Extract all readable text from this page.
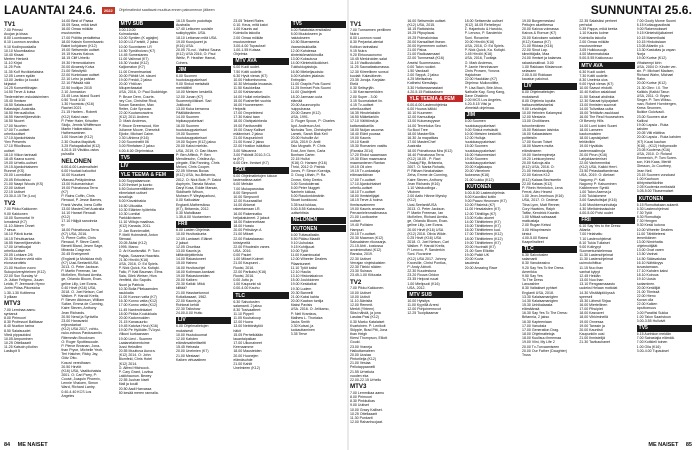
LAUANTAI 24.6.	2022	Ohjelmatiedot saattavat muuttua ennen painomenon jälkeen
TV1
7.00 Prinssi
Avojan ja kissa
8.00 Luontoaamu
8.10 Luonnon arvoitus
9.10 Kodinpuuskalla
10.10 Muumilaakso
10.40 Kissat
Merten Henkeä
11.10 Kirjat
11.25 Pois
11.35 Kolf Huvikkelaisina
12.05 Lumen sydän
13.00 Jarkko ja kuulut
kirjastot
14.25 Konserttiinajan
14.50 Terve & kutsa
Tiedemiehen eskolaisiminen
15.40 Ihmisen
16.50 Salaisuudet
Kalastajat. Australia.
16.50 Heroualloitus
16.55 Hamerlijkeevikiin
16.50 Nuoret
17.00 Nuorten
17.00 Tv-uutiset
urheiluuutiset
17.10 Ajankohtaista
Ylex Presents
17.10 Rikollisuus
uutiset
18.10 Viikon tarinaali
18.45 Kaava suomi.
19.00 Urheilu-uutiset
19.15 Ajankohtaiseen
Runmel (KS)
20.00 Luontoillan
20.05 Erikoishuu
21.00 Naapi Woods (KS)
22.00 Uutiset
22.15 Uutiset
23.30-0.15 Tie (Lou)
TV2
7.00 Pikku Kakkonen
9.00 Kakkonen
10.00 Sunnuntai Vr
lomakesä (K7)
11.10 Äänen Onnet
7 sinua
16.10 Päivä kunta
16.15 Tehuttuarkaa
16.55 Hamerlijkeevikiin
17.00 Urheiluajat
urheiluuutiset
20.05 Lohkare 2/6
20.30 Kesken vielä näin
elonvuorottelu
21.00 Huollon vuoro
Sukupolvenyhteinen (K12)
22.00 Sun Sunday Vr
Jr. Julian Feltgmo, Juuan
Leidic, P. Jeemanin Hyrnv
Jorim Pöisa-Pikorsicka
1.30-1.30 Kotiteena
3 pillaan
MTV3
7.00 Leminaa aamu
syntanut
8.00 Pirimoori
8.30 Professori Balttasar
8.40 Nuotion tarina
8.50 Salaisuudet
Viteä pippauloksi
10.05 Ampuminen
10.25 Ottellaaarit
11.25 Katsoin pilotinn
Lasilupit 5
14.00 Best of Paasa
15.05 Saxa, mikä kavit
16.00 Omaa mökiän
muutosmies
17.00 Poliitta periaitteisa
18.00 Kaksin Kommisaario
Bakei kohjuksen (K12)
19.00 Seitsemän uutiset
19.15 Kaunis Kaivos
18.15 Cliff Urheilu
19.30 Hemmokiainen
20.00 Alvaesty Koiva
21.00 Seksityttö
22.00 Kuninkaan uutiset
22.10 Leiro ja palstan
22.10 Pääsää vää
22.50 Ivoliijon 2015
2.10 Jonnastun
23.45 Loss Island Suomi
0.50 Tivoli 1/10
1.30 Huomiotu (K16)
Rachet 2021
21.15 Harlem - Roberti
(K12) Kaksi osan
P. Peter Haier, Krisotter
Stoljo, Jennis Whiffenson
Martin Hatkeratidos
Hathersaminen
1.00 Nova lab (K12)
2.30 Osuina iltapäiväl.
3.25 Rahapaikallat (K12)
4.20-5.15 Viisikko-ostos
pulssilla
NELONEN
6.00-6.00 Lastenaihdet
6.00 Huutust kaloottot
10.00 Kuudumi
Vilanasi-Petäyämiesa
13.00 Kulumaniskuri
19.00 Poinatossa Terra
(K7)
P. Rains Coffin, Chris
Renaud, P. Jesse Barnes,
Frank Varvita, Ivera Coffin
13.00 MasterChef Australia
14.10 Hansel Renault
(K12)
17.10 Häijyä sanoinnia
rp
18.00 Poinattossa Terra
(K7) USA, 2016.
O. Pierre Coffin, Chris
Renaud, P. Steve Carell,
Benett Bland, Jesen Sage,
Miranda Cosgrove.
20.45 Enebymerit
(Englanti ja Molskiaa risti)
(K7) Uusi-Seelanti/USA
2013. O. Peter Jackson.
P. Martin Freeman, Ian
McKellen, Richard Armita-
ge, Orlando Bloom, Evan-
geline Lilly, Lee Evans.
0.40 Hirvit (K16) USA,
2018. O. Joel Nelson, Carl
Walker. P. Harold Kreitz,
P. Steven Atkinson, William
Sultze, Emma de Cunning,
Kaire Steven, Anthony
Jean Richards.
20.50 Nerai ja Syrävilla
23.00 Hanavanki
mijeordarkat
(K12) USA 2017, vohtu-
nuko.edrous Pardusamiin.
Ritemmän Brooknum
O: Roger Spottiswoode.
P. Pierce Brosnan, Jona-
than Pryce, Michelle Yeoh,
Teri Hatcher, Ricky Jay,
Götz Otto.
Kosovi veredhasm
20.50 Hirviöt
(K16) USA, Vaalikohaisia
2001. O: Carl Parry, P:
Coosé, Joaquin Phoenix,
Lennie Vhaioen, Simon
Ward, Richard Lantry.
0.40-4.40 KCS Los
Angeles
MTV SUB
6.00-10.00
Kulmaturska
10.00 Syntien (K agiajim)
10.00 LIJ-Faristit, 2 jakso
10.00 Suomiseen LR
14.50 Tymähoivan (K7)
14.45 Sumesianeu
11.00 Valinnat (K7)
16.30 Vuoksi (K12)
Kaljiomaton (K7)
11.00 Dreamtrsariasi
00.00 Pähkit Urt. sizumi
19.00 Freddi, 2 jakso
20.00 Yhtiö:an
Alkuperäasaiat
USA, 2016, O: Paul Duddridge.
P: Bruce Dern, Courte-
ney Cox, Christine Ricci,
Susan Sarandon, Max
Reiter, Cole Sprouse.
22.00 Kuutamoravirra
(K12) 2011 Andrew
O: Mark Andrews,
P. Bruce Greenwood, Kim
Julianne Moore, Chewrisit
Ejiofor, Michael Caine.
0.30 Lähinna (K16)
2.00 Suomineliit 06
3.00 Rimfalsen 2 jakso
4.00-6.00 Ohjelmistoa
TV5
LIV
YLE TEEMA & FEM
6.00 Suppalaamoon
6.20 Ihmiset ja luonto
6.50 Dokumenttiläinen
elimelaiset uutiset
kuvailuja
8.00 Kiovabbakia
16.50 Ulkoakta
10.30 Eläinten työtehtia
10.30 Lomitai
Parkkikiviseen
11.10 Viiltoja maalissa.
(K12) Kanada, 2011.
O: Jan Bonnievallet,
P. Melli Holmstedt, Anton
Stenaal.
20.05 Äkäsi (K12)
1995. Marco
O. Ari Kaurismäki. P: Turo
Pajala, Susanna Haavisto.
21.50 Hirviöt (K16)
USA, 2016, O: Ed Spiels.
P. Nick Quick, Ka. Kutiqkt.
Fallo, P. Kati Bauman. Elms
Saia, Gilek Weiser, Hiva
Venfield, Ato Sapolis.
Nuori ja Patricia
10.30 Bolla Pliekaamden
asukkaita
11.00 Kunnon vatta (K7)
16.30 Kunno vatta (K12)
17.00 Kunno vatta (K12)
11.45 Nanbrotinkakel
18.00 Pirkka Koulukkala
20.00 Kadonnuiden
21.15 Kanasuurko
19.45 Katoiva Hvui (K16)
19.00 Pe Hyökäte-TV-kysi.
Viikuni kurkaanaan
19.00 Lievi - Suomen
Laatanelainentoime
Jussi Heksillen
20.55 Muuttova Aurora.
(K12) 2014. O: John
Blomfeld, Chris Hotel
(K12) 2014.
O. Alfred Hitchcock.
P. Cary Grant, Loviisa
Lakikhaunun. Bewey
22.55 Juuhan kiseli
Mall ja koulii
20.50 Aadi Harvassa
50 kesää meren rannalla.
16.15 Suurin pudottaja
Australia
17.40 Leikunen uusisiin
sukkyhyykiin. USA.
18.10 Leitoman mitä USA.
19.00 Kuusjuuret ja
(K16) USA.
20.05 70-vui - Vaihtoi Sauna
(K12) USA 2016, O: Paul
Weitz, P: Heather Hamal,
Cohers.
JIM
6.00 Suomen
huutokauppakeisari
9.00 Sinkut metsästä
mehtäliihti
10.00 Metsien keskellä.
12.00 Junan (K7)
Suomentyöläkset. Sari
Jokikoski.
13.00 Kuka kerranna
Päälläkinämme.
14.00 Suomen
hipikauppakeisari
16.00 Suomen
huutokauppakeisari
19.00 Suomen
huutokauppakeisari
19.00 Sujoen (K12) jakso
20.00 Kaksi miehän-
USA, 2019, O: Dan Mazer.
P: Ben Affleck, P: Ben
Mendlesohn, Cristina Ap-
plegate, Ella Fanning, Chris
Meloni, Chris Cooper.
22.05 Viheras Boxas
(K12) USA, Iso-Britannia,
2012. O: Nick Bole, P: Dakid
Asphyrin, Tamala Wustor,
Daryl Kosa, Eddie Marsan,
Siddharth Wilson,
Mohsen P. Weylaparkosi,
0.00 Kaikulatar
Englanti-Mathersilosu
(K7), Britannia, 2012.
0.30 Mahdikaan
1.35-6.00 Vuotamisen
FRII
6.00 Lasten Ohjelmia
10.00 Huvituskunta
12.05 Lantaset. Eläinet
2 jaksot
12.05 Chunttaa
13.00 Kaunis ja
kiiltäväirjottimista
14.00 Rakastuneet
15.00 Hahmo
16.00 Huvitusohjel
16.00 Kotimaan-kankaat
19.00 Rakastuneiden
20.00 Kaiken:
20.30 Kaikki: Mikä
kiiltää?
21.00 Hasstaetunnut
Kotiaikasaari, 1962.
22.00 Kaunis ja
Rohkeat kehät
22.30 Talkshow
24.00-0.00 Huttu
LIV
6.00 Ohjelmatietojen
mukaisesti
10.00 Huutokuumat
12.00 Kahden
elämänvaiheitiseltti
15.45 Heirasta
20.00 Unelmien (K7)
21.00 Mestaari
Kaiken virtuaatinen
23.05 Tekeet Rales
0.10. Keus, mitä katot
1.00 Kaunis aal
Kolmiolla taloolla
2.00 Omaa mökiän
muutosmiesse
3.00-4.00 Tupauksel
1.00-1.55 Kutsaa
Ohjelmia
MTV AVA
6.00 Kuoli uudet.
7.50 Kotiti uudelle.
6.30 Hyvä vieras (K7)
10.00 Haltomisnoma.
10.30 Mekaalia leuaasia.
11.50 Kaukkellaa
12.00 Kahtamatun
14.00 Hullat nekellasiin.
15.00 Rusherfiet vuohia
16.00 Huoneeseen
Helpeät
17.00 Ompeleleesi
17.30 Kaksi taan
18.00 Olahipakirkeda
19.00 Fanitusmiitti
19.00 Grazy Kalliset
määnniset. 2 jakso
21.00 Kaupunkimit
21.00 Kossi 2 jakso
22.00 Hostlon isälutkun
3.00 Wauanna
3.00 Polkistit 2010-3 CL
ta (K7)
6.00 Dire. Ihmiset (K7)
FOX
6.00 Ohjelmatietojen lukuun
lastenatieaa aatet
6.00 Melskin
7.00 Mukaparustaa
8.00 Simpsonit
10.00 Simpsonit
12.00 Kuuraasillat
14.00 Ahkerat
rakentamaan LR.
16.00 Rakennatku
heljakatuineet. 2 jaksot
18.00 Rakennettaan
18.00 Hussiu
20.00 Pelisävyn A
21.00 Mikset
22.00 Rakaslaasso
kiristyneitä
22.00 Rhodesiin vanes
USA. 2016.
0.00 Paulet
1.00 Mikset Kolmet
21.00 Kaupunni -
Ruotsi, 2016.
22.00 Parikaisi (K16)
Ruotsi, 2016.
0.00 Juttu ja
1.00 Kaupunki sä
0.00-4.00 Kauhu
TLC
6.30 Salvotuslen
salamanti. 2 jakso
8.30 Tosivaatteet:
11.10 Pippeli
11.05 Kuubakoop
12.00 Huora
13.00 Nebbinäytöö
häkit
15.05 Perheikäään
lauantaipaikan
17.00 Ulkonaineet
Keenaamme
18.00 Mausteiden
20.00 Huonejen
elämäsuhde
21.00 Kahlit
Unelmieen (K12)
TV5
6.00 Ratatuista ensiksiksi
8.00 Muutokseen ja
halutokseen
10.50 Bluenseeria
Vaaranlaukkailla
12.00 Kahdessa
kiinteistömarkkinoilla
13.00 Koksutuva
14.00 Kiinteistökokkiset.
Tukitukkojaistoja.
16.50 Miekeljauoisia:
6.00 Kahden jalaksia:
Entinpäin
11.00 Grapiis Pois Suomi
11.25 Ihmiset Pois Suomi
11.00 Qiadrijeeti
18.20 Jarmaan uuta
elämää
20.00 Asunnonpito
huippuharaa
20.00 Oasen (K12)
USA, 1991.
O. Roger Spoon, P: Charles
Ayd. Anderson Ant.
Nicholas Tom, Christopher
Lamek, Sarah Blak Kell
20.00 Huhuille Ari
USA, 2019 O: Antti
Talo Mcgrath. P: Chris
Evat, Ann Vann, Carla
Bonham Carter.
22.15 Hullut
(K16) O: Hansen (K16)
Thrid, 2012 O: Patrick
Jones, P: Simon Koenigs,
O. Doug Lithah, P: Ra
Crown, Kirby Deeks.
3.00 Sundoiderasi
5.00 Peter Nugget:
Nanhein lukkaa,
5.00 Raudonkämäriin
Stuart kunkkoosi.
3.35 tuut lukkaa,
5.00-5.55 Kaksoisluu
uutisehtista
NELONEN
KUTONEN
6.00 Tuttavallasiin.
8.50 Pääsu Mazdit
9.10 Uuhuksia
9.15 Kohtijuuat
10.00 Tytöt
11.00 Kaaminuaiat
12.00 Wheeler Dealers
Pilaantuneet
11.10 Tytöt kaksi
12.10 Haulia
13.10 Historiakaivon
15.00 Joukkioinen
19.00 Keskiaikai
19.30 Ludem
20.30 Bannelli
21.00 Kaksi kahta
20.00 Kaaban tuntija
Maksi Pavisis
USA. 2016. O: Jelikamo,
P: Neil Krantzos,
Mathew L. Thoriaiza
Jacks Smith
0.30 Kutsat, ja
tuokauttaminen
3.35 Terve
84 ME NAISET
SUNNUNTAI 25.6.
TV1
7.00 Tunnarmen perillinen
Nutra
8.00 Luonnon ruuat
8.30 Perjantai-ateriat
Kolikon tarinaitasi
9.15 Nutra
9.20 Ehtoosaunomo
10.45 Merkiroiden salat
11.15 Vadilustuiutiin.
11.25 Saunatiastumassa.
12.30 Kiireellinen sonsoi
kuolait: Kalaväkevin.
23.35 Jonoja. Karjalan
Etelä
0.30 Seitsyrjäh.
1.30 Karrasmerkkien
2.00 Super - 3.00
3.15 Suomalaiset lin.
4.15 Tv-uutiset
urheiluuutiset
16.35 Hinutelaksiin
16.50 Mäketiarkiin
17.10 Välittömä ja
kattamakkarilla
18.00 Nuijan asuoma
18.40 Elänt puussa
19.00 Kaunis
19.10 Kardit
15.30 Romanien vasittu
(Ranska 2014)
17.20 Ehdot saaamaan
19.30 Elian maamusna
maamanienen Rantan
19.15 Oli olen
19.15 Tv-unkastaja
elämaarkkinan
17.00 Tv-uutiset
17.10 Ajankohtaiset
urheilu-uutiset
18.10 Tv-uutiset
18.00 Ihmistelijajat
18.15 Terve & hoima
Ihmisravaimeen
19.00 Kaunis amaana
Perusmielenmailmassa
21.00 Luottoarine
uutiset
19.40 Poliisien
Hampuri.
20.15 Tv-uutiset.
20.30 Maaman (K12)
Saksalainen rikossarja.
21.15 Ahti - kostossa
avoimimuttasi (K12)
Ranska, 2019.
22.30 Uutiset
Verrajan vinjeiskaisten
22.30 Tilekki nöiden
23.30 Suiraus
23.45-1.00 Kiiluusta
TV2
7.00 Pikku Kakkonen.
10.00 Uutiset
10.00 Uutisit
11.10 Äänisita
12.00 Remmit.
Merkit (Yhteen)
Siksi nähdä, ja jona
Lasdas Pasi (K12)
0.30 Marko Katalaiset
Kvartoinen. P: Lenikoit
Stöpple, Brad Pitt, Jona
than Heigh
Kiersi Thompson, Elliott
Gould.
23.00 Vraneja
Haikuttamaleen
20.00 Uusiaa
Pintorileija (K12)
21.00 Vesiaa
Pellotappaanelli
21.55 Urheiluta
vuoden eka
22.00-22.15 Urheilu
MTV3
7.00 Lemmikaa aamu
8.00 Pirimoori
8.30 Pinkkuikas
9.00 Uutiset
10.00 Grazy Kalliset.
10.25 Ottellaaarit
11.30 Punkarit
12.00 Rahanhuojaat.
16.00 Seitsemän uutiset.
(K12) USA, 2015.
18.15 Rattoisinta.
19.25 Piipuplausi.
19.25 Polmalointaa
20.00 Kansalliset itsean.
20.00 Kymmenen uutiset.
21.00 Paloa.
21.00 Radioaamaani
22.00 Tunnsessä (K16)
Arseisl Suomessanu.
0.00 Talon ruokint.
1.50 Vandaali
2.00 Seppä, 2 jakso
4.25 Mielisairas
Kotiheisi Kiersiäaju.
3.30 Huttamaamastani
4.20-5.15 Rakkaaksen
YLE TEEMA & FEM
6.00-6.00 Lastenohjelmia
6.00 Huurus kälkki
10.10 Kuumeen
12.00 Kamuuttaja
13.00 Kulumasyysse
14.00 Tervetuloa Seo
Su Bool Tree
18.00 MaskerSiis
16.30 Ja mapatikas
17.00 MasterChef
Australia
18.00 Poinattossa Mra (K12)
18.40 Poinatossa Terra
(K12) 18.05 - P: Ravi
Chakaj-Filip, Britannia,
2007. O: Nanta Rohatic,
P. Ritham Neakahalam
Zeha, Emme de Cunning,
Kaire Steven, Anthony
Jean Richards (K16)
1.10 Vaiskuolinga -
Vitoinen
2.00 Aalto Hänne Myrsky
(K12)
Uusi-Seelanti/USA
2013. O. Peter Jackson.
P. Martin Freeman, Ian
McKellen, Richard Armita-
ge, Orlando Bloom, Evan-
geline Lilly, Lee Evans.
20.00 Hirvit (K16) USA
(K12) 2018. Olivia Wilde.
0.25 Hirvit (K16) USA
2018. O. Joel Nelson, Carl
Walker. P. Harold Kreitz,
P. Lenovo, P. Sanderkin
Soni. Rovanine
(K12) USA 2017. Johnny
Knoxville, Christ Pontius,
P: Andy Abbott.
22.30 Kuudestuna
23.20 Rouva Gridon
23.35 Helpost ruuat
1.00 Mielipuoli (K16)
USA, 2012.
MTV SUB
10.00 Hytsitys
11.00 Kyyrillä Arrest
12.00 Pohjoinenrovot
12.25 Tuoipikaamar
18.00 Seitsemän uutiset
(K12) 18.05 Rehelleysi
Z. Hajanbutu & Haroktu,
P. Lenovo, P. Sanderkin
Soni. Rovanine
20.00 Hirviöt (K16)
USA, 2016, O: Ed Spiels.
P. Nick Quick, Ka. Kutiqkt.
0.45 Hirviöt (K16)
USA, 2016, Tuottaja
O. Mark Andrews,
P. Jamie Hennhauser
Chris Prowen, Yonvos
Hajdubran
22.00 Haukkian (K7)
Ohjelma: Mullovoliitte,
P: Lisa Bach, Brie Ahoo,
Nathalie Kay, Sung Kang,
Dave Ohakinin
2.00 MCS Los Angeles.
4.20-5.15 Viisi ja
viimeistä ohjelmaa.
JIM
6.00 Suomen
huutokauppakeisari
9.00 Sinkut metsästä
10.00 Metsien keskellä.
12.00 Hulluja
huutokauppakeisari
15.00 Suomen
huutokauppakeisari
16.00 Hatunmestari
19.00 Suomen
huutokauppakeisari
20.00 Kaljakaapu
20.00 Viimeinen
Aukeama (K16)
21.00 Lukko (K12)
KUTONEN
6.00-8.00 Lastenohjelmia
8.00 Kauniiksi kotiin
9.00 Paavo Heurosen (K7)
10.00 Fäsleisk (K7)
11.00 Hesalaisten (K7)
12.00 Tähtiliiga (K7)
13.00 Kulku alueet
14.00 Tähtitieteen (K7)
15.00 Tähtitieteen (K7)
16.00 Tähtitieteen kud.
17.00 Tähtitieteen (K12)
18.00 Tähtitieteen (K12)
19.00 Tähtitieteen (K7)
20.00 Huvinsiti (K7)
21.00 Sam Elliottin
19.00 Paikit UK
20.00 Kuvia
kaudesta
20.00 Amazing Race
19.00 Burgermestasi
Peltojen alueitteesa
20.00 Kaivoa voimassa
Kaivos & Rornue (K7)
20.00 Kaivoksen salaiset
(K12) Kaarua (K7)
21.00 Rikksia (K16)
22.00 Sinut Lap.
kiinnittäjalla, Maa
24.00 Ihmiset ja kalamas
rakastunutiivat. 3.00
1.00 Rakkaan Kiistamoon
selasaen
2.00-5.00 Rokkaan
kaustun paloinut.
LIV
6.00 Ohjelmatietojen
mukaisesti
8.00 Ohjelmia lopulta
haltuunotettaviaeksi
9.00 Leivoitsijat
10.00 Helmien Kalamyssi
12.00 Mestaria
13.00 Cholitianes
tuhunhenkinen
15.00 Rakkaan laisinka
16.00 Kalaastaisen
poltteisiin
17.00 Kuvan Toiset
18.00 Mavers mutta
elämänseen
19.00 Vanhempimeja
19.20 Leinkonyheesi
20.00 Kalvoja alla
(K12) USA, 2016. O:
21.00 Hekkeskoijaa.
22.00 Kaivos K12
(K12) Kalaas Bechwertin
22.00 Kalaas (K12)
P: Rhein Heimtoton, Lena
Ferrat, Aleo Hearst
1.00 Jeon Jeonhuus (K16)
USA, 2017. O: Cedmar
Tiina Lynn, Matt Renner,
Cory Hawkins, Ralph
Taffar, Kendrick Kauniin.
1.00 Mitkaä salssaaat
matkustaja
2.00 Rugan Keissi
3.00 Hillaprinsesin
kirstui
4.00-5.00 Ratesi
Kaapeliraiteet
TLC
6.30 Salvotuslen
salamanti
8.30 Vanukeasivu
9.20 Say Yes To the Dress
Amerikka
9.50 Say Yes
To The Dress
Lancashire
8.30 Valtakiset pyhiset
Englanti USA, 2018.
13.30 Kalaisamanigten
14.30 Kalaisamanigten
15.30 Unhikalaasta
elämäänsä
16.30 Say Yes To The Dress:
Britannia, 2 jakso
16.30 Kapteeniaan
17.00 Vanuksia
17.00 Generation Drag.
18.00 Ohjelmatietoja
18.00 Kuulisuu ihmemaa
19.00 Viini, My Life 2
20.00 Tv-Turvaamiseen
20.00 Our Father (Daughter)
Truss
22.35 Salaisiksi perheet
perholat
0.35 Pappa, mikä keeka
1.10 Kaunis kolme
Kolmiolla taloolla
2.00 Omaa mökiän
muutosmiesse
3.05 Hulkkusuuja
4.00 Mammatuksia
5.00-5.55 Kakkossuu
MTV AVA
6.30 Kuoli uudet.
7.30 Kotiti uudelle.
8.30 Unelmia ulos
9.00 Hyvä vieras (K7)
10.00 Saavut ehdotti.
10.40 Kallion asiakkaat
11.50 Sairaat ahdinkia
12.30 Sairaat työpajaiset
13.00 Ihmisten suunnat
14.00 Tulivattaa uutta
15.00 Tehtävän asukkaat
16.00 The Real Housewives
Of Beverly Hills
14.00 Lumi kolmi Suomi
18.00 Lanseen
kaukomaisien
18.00 Lapsisijaiset
tehtäviikin
19.00 Hyväkäs
lastenmaailmoja
20.00 Pirun (K16)
Lahjakkamieniset
22.00 Vanhemmiksi
(K12) USA, Kaikki Herrt.
23.50 Pelastaattamiensa
USA, 2019. O: Aleksei
Nagorny, P: Kati
Nagorny P: Kaisuminen
Kalkbrenner Syntiö
1.00 Talon Asema ja
2.00 Tukialomme
3.00 Saavitoitsijat (K16)
3.40 Mushkemunhoitaja
4.30 Mieltoimissisuhde
4.00-5.00 Polvi uudet
FRII
6.10 Say Yes to the Dress:
Atlanta
7.00 Helahattu
7.10 Lastenohjelmat
8.10 Tukia Tuliaiset
9.00 Kotirypyt
Suomenturistelemaa
11.30 Lastenohjelmat
11.30 Lastenohjelmat
uuimotoihittuo
11.15 Nuo ihan
vanhat kylpyt
12.45 Heidän
13.00 Nuo ihan
13.10 Rengasmaaasto
uudeksi Helaan mottolat
14.30 Viisitääpiööyssä
speeseli
15.30 Lähesti Sirjaa
16.00 Miertellinen
17.00 Pihuipiet
18.00 Kasvavet
18.00 Vihkiminellä
19.00 Onnessa
19.00 Tanssin ja
20.00 Kauniisti
Kaupunkiin uusi
21.00 Ihmistelijä
21.30 Tavikauhanet
7.00 Goofy Mome Suomi
8.15 Kotiauppaoiksisi
9.00 Rakennoksset
9.15 Kiinteistöjulkaimet
10.15 Mammikalsi
10.15 Hinkoksiaan
13.05 Atlantin y.k.
13.30 Kastuitas ja vapan
Norja
19.00 Kurtse (K12)
Vihaisempi kirin
USA, 2004 O: Kinder ver-
sin. P: Michael Madsen,
Richard Wahn, Michael
Rahn.
20.00 Kurtse (K12)
21.30 Olev: I.X. The
Kalkkis (Kaikki Tarun
USA, 2011. O: Bryan
Singer. P: Tom Wibso-
man, Robert Hornbergen,
Kress Seunnen,
Buikke Guiolvaoli.
23.00 Suomen alue
Kalliosi
19.00 Lapsia - Ruka
kahden
20.05 Viiti elättina
20.00 Lapsia - Ruka kahden
(K7) Kuusi kauhan
(K16) - (K12) Hollywoodin
23.05 Kuolema (K16)
USA, 2010. O: Roland
Emmerich, P: Tom Soren-
son, Kirk Kaas, Merkit
Glesson, Jo Courtney,
Jean Neil.
23.15 Suomen vonokast
1.00 Kauhuun
kiihtymiseltävihin
2.05 Kuolemia meiksistä
3.05-5.00 Tikasemaiset
KUTONEN
6.15 Romuttakaan aulamit.
6.30 Lastenohjelmat
7.30 Tytöt
8.30 Romuttaja
7.30 Hengen
9.30 Keski kutona
10.00 Wheeler Dealers
11.00 Tähtitieteesi
lemmikkinen
13.00 Nimirhatta
ohjelmoitijäät
13.00 Ovat varen
13.50 Vanhat
14.50 Sääsvalutaa
16.10 Nähtävyys
kuvastamaan.
17.10 Kahden kaksi
18.10 Koiruus
19.10 Uusia
tuotaminen.
20.00 Keräilijät
21.00 Tiimissä
22.00 Hieno
Kuvan olla
22.00 Kaiken
loputtomuus
0.00 Paratiisi Sukka
1.00 Talon Saaristoon
3.00-3.55 Hullutvit
TV5
6.15 Aurinkon meidän
7.00 Sairastajia elämää.
7.00 Kotikieli toinen
1.00 Olla (K16)
3.00-4.00 Tupauksel
ME NAISET 85
